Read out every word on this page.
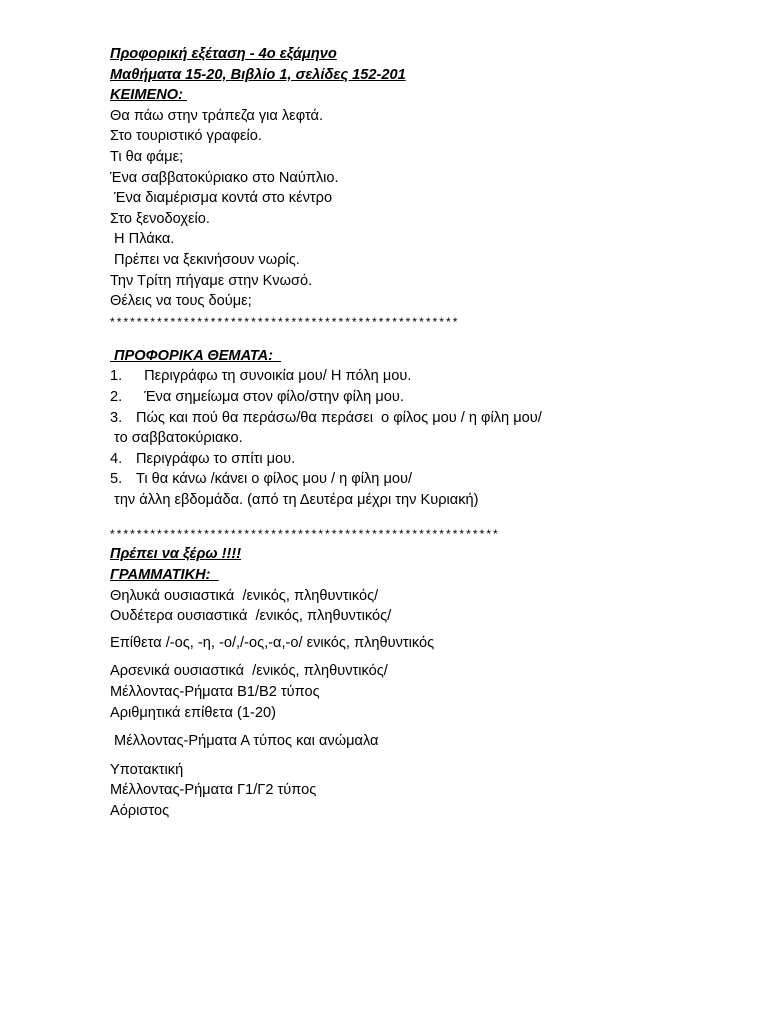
Προφορική εξέταση - 4ο εξάμηνο
Μαθήματα 15-20, Βιβλίο 1, σελίδες 152-201
ΚΕΙΜΕΝΟ:
Θα πάω στην τράπεζα για λεφτά.
Στο τουριστικό γραφείο.
Τι θα φάμε;
Ένα σαββατοκύριακο στο Ναύπλιο.
Ένα διαμέρισμα κοντά στο κέντρο
Στο ξενοδοχείο.
Η Πλάκα.
Πρέπει να ξεκινήσουν νωρίς.
Την Τρίτη πήγαμε στην Κνωσό.
Θέλεις να τους δούμε;
****************************************************
ΠΡΟΦΟΡΙΚΑ ΘΕΜΑΤΑ:
1.  Περιγράφω τη συνοικία μου/ Η πόλη μου.
2.  Ένα σημείωμα στον φίλο/στην φίλη μου.
3. Πώς και πού θα περάσω/θα περάσει  ο φίλος μου / η φίλη μου/
το σαββατοκύριακο.
4. Περιγράφω το σπίτι μου.
5. Τι θα κάνω /κάνει ο φίλος μου / η φίλη μου/
την άλλη εβδομάδα. (από τη Δευτέρα μέχρι την Κυριακή)
**********************************************************
Πρέπει να ξέρω !!!!
ΓΡΑΜΜΑΤΙΚΗ:
Θηλυκά ουσιαστικά  /ενικός, πληθυντικός/
Ουδέτερα ουσιαστικά  /ενικός, πληθυντικός/
Επίθετα /-ος, -η, -ο/,/-ος,-α,-ο/ ενικός, πληθυντικός
Αρσενικά ουσιαστικά  /ενικός, πληθυντικός/
Μέλλοντας-Ρήματα Β1/Β2 τύπος
Αριθμητικά επίθετα (1-20)
Μέλλοντας-Ρήματα Α τύπος και ανώμαλα
Υποτακτική
Μέλλοντας-Ρήματα Γ1/Γ2 τύπος
Αόριστος
